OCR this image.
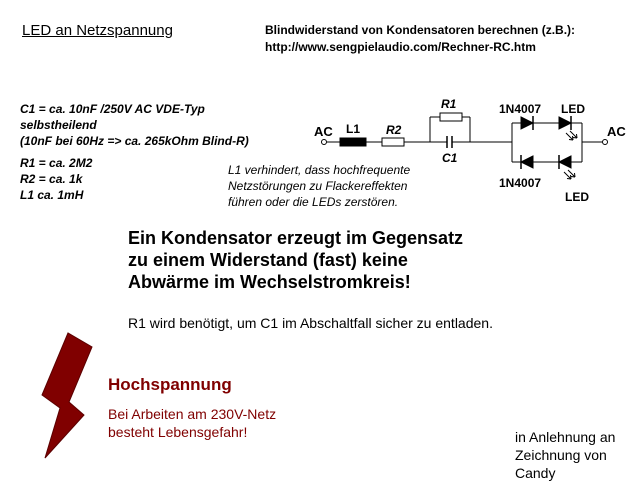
LED an Netzspannung	Blindwiderstand von Kondensatoren berechnen (z.B.):
http://www.sengpielaudio.com/Rechner-RC.htm
C1 = ca. 10nF /250V AC VDE-Typ
selbstheilend
(10nF bei 60Hz => ca. 265kOhm Blind-R)
R1 = ca. 2M2
R2 = ca. 1k
L1 ca. 1mH
L1 verhindert, dass hochfrequente
Netzstörungen zu Flackereffekten
führen oder die LEDs zerstören.
AC	AC
L1 R2
R1
C1
1N4007
1N4007
LED
LED
Ein Kondensator erzeugt im Gegensatz
zu einem Widerstand (fast) keine
Abwärme im Wechselstromkreis!
R1 wird benötigt, um C1 im Abschaltfall sicher zu entladen.
Hochspannung
Bei Arbeiten am 230V-Netz
besteht Lebensgefahr!	in Anlehnung an
Zeichnung von
Candy
